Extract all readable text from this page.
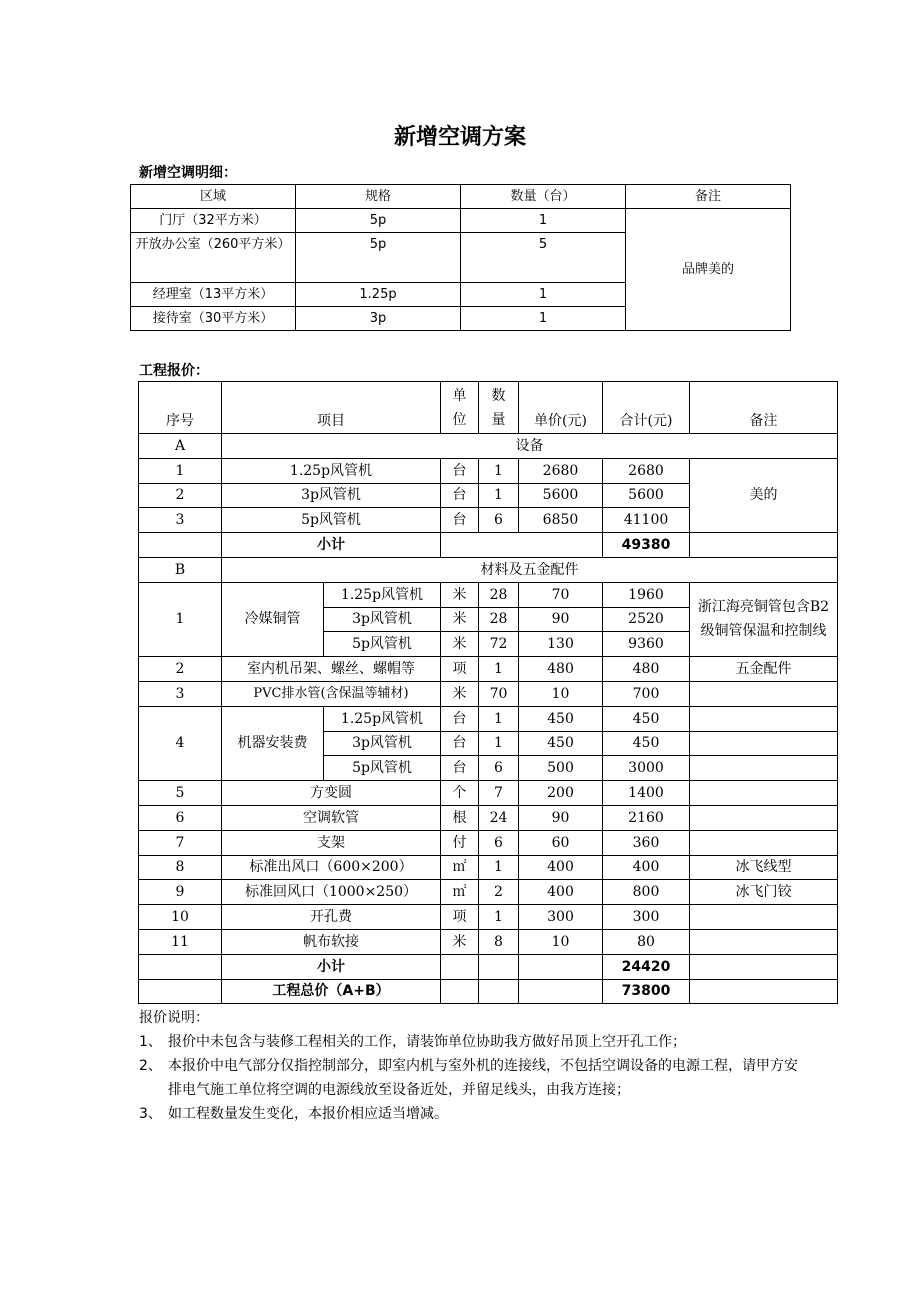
新增空调方案
新增空调明细：
区域	规格	数量（台）	备注
门厅（32平方米）	5p	1	品牌美的
开放办公室（260平方米）	5p	5	
经理室（13平方米）	1.25p	1	
接待室（30平方米）	3p	1	
工程报价：
序号	项目		单位	数量	单价(元)	合计(元)	备注
A	设备						
1	1.25p风管机		台	1	2680	2680	美的
2	3p风管机		台	1	5600	5600	
3	5p风管机		台	6	6850	41100	
	小计					49380	
B	材料及五金配件						
1	冷媒铜管	1.25p风管机	米	28	70	1960	浙江海亮铜管包含B2级铜管保温和控制线
		3p风管机	米	28	90	2520	
		5p风管机	米	72	130	9360	
2	室内机吊架、螺丝、螺帽等		项	1	480	480	五金配件
3	PVC排水管(含保温等辅材)		米	70	10	700	
4	机器安装费	1.25p风管机	台	1	450	450	
		3p风管机	台	1	450	450	
		5p风管机	台	6	500	3000	
5	方变圆		个	7	200	1400	
6	空调软管		根	24	90	2160	
7	支架		付	6	60	360	
8	标准出风口（600×200）		㎡	1	400	400	冰飞线型
9	标准回风口（1000×250）		㎡	2	400	800	冰飞门铰
10	开孔费		项	1	300	300	
11	帆布软接		米	8	10	80	
	小计					24420	
	工程总价（A+B）					73800	
报价说明：
1、 报价中未包含与装修工程相关的工作，请装饰单位协助我方做好吊顶上空开孔工作；
2、 本报价中电气部分仅指控制部分，即室内机与室外机的连接线，不包括空调设备的电源工程，请甲方安排电气施工单位将空调的电源线放至设备近处，并留足线头，由我方连接；
3、 如工程数量发生变化，本报价相应适当增减。
